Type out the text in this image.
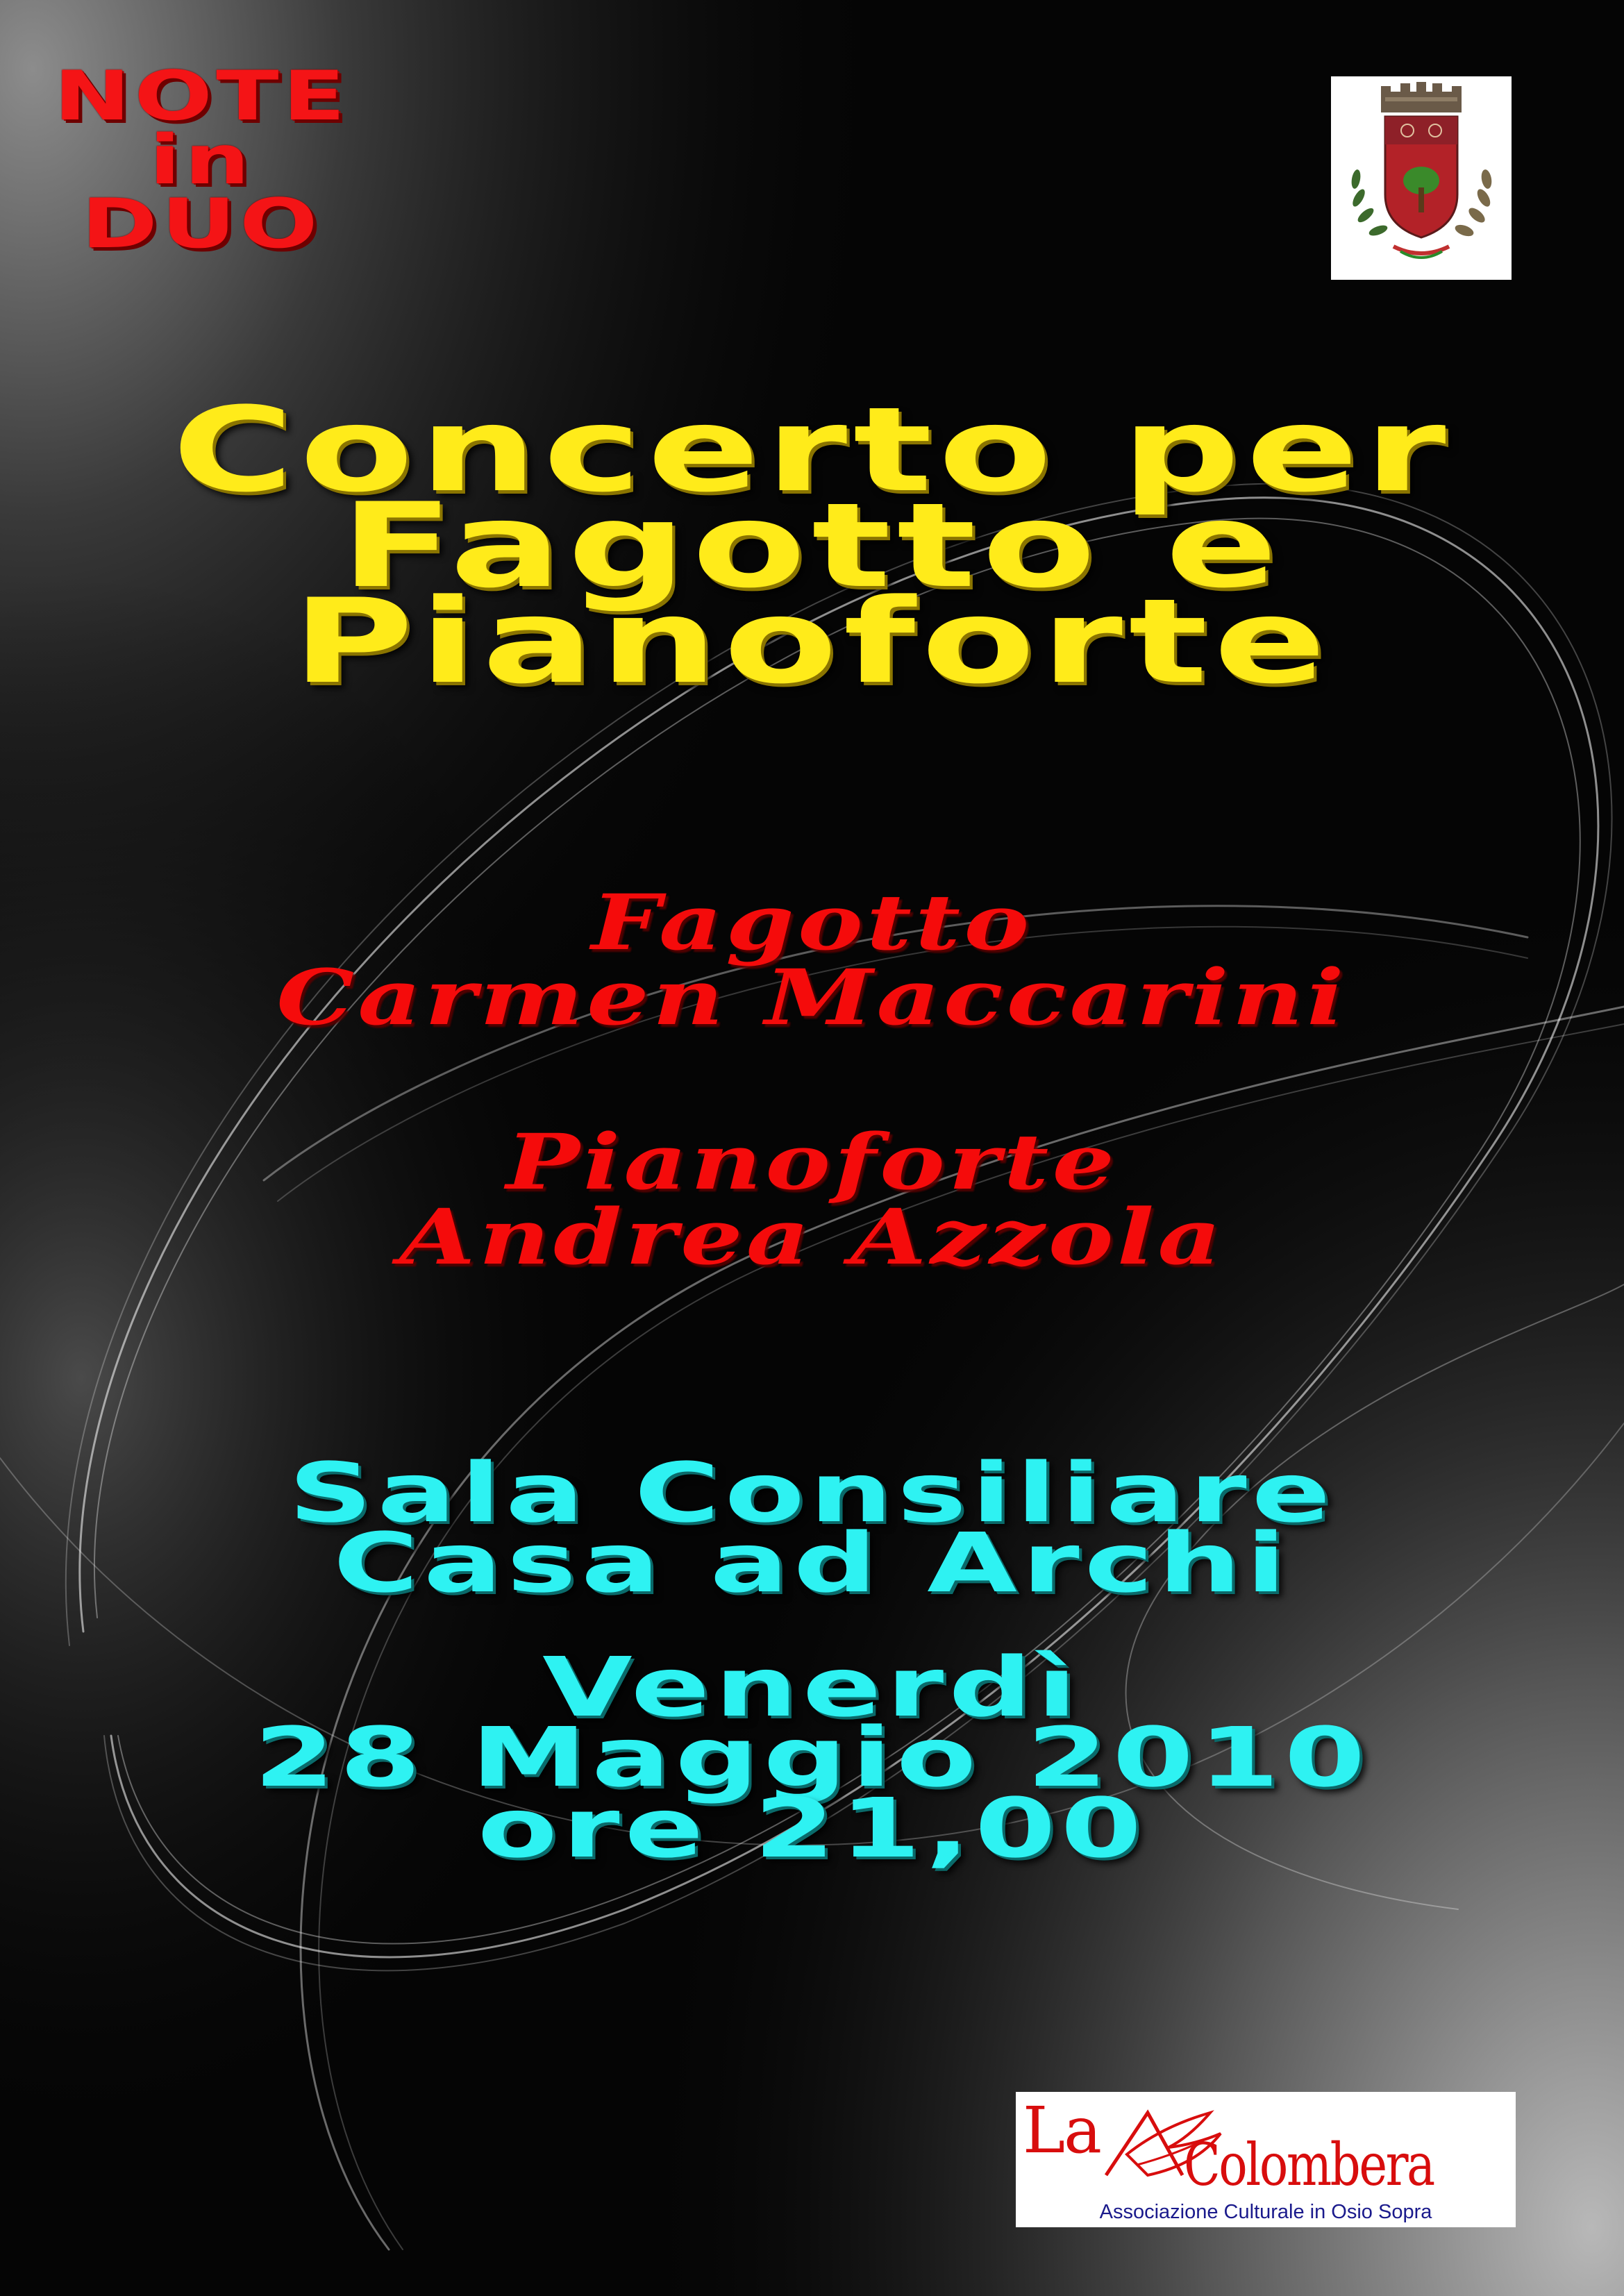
NOTE
in
DUO
Concerto per
Fagotto e
Pianoforte
Fagotto
Carmen Maccarini
Pianoforte
Andrea Azzola
Sala Consiliare
Casa ad Archi
Venerdì
28 Maggio 2010
ore 21,00
La Colombera
Associazione Culturale in Osio Sopra
